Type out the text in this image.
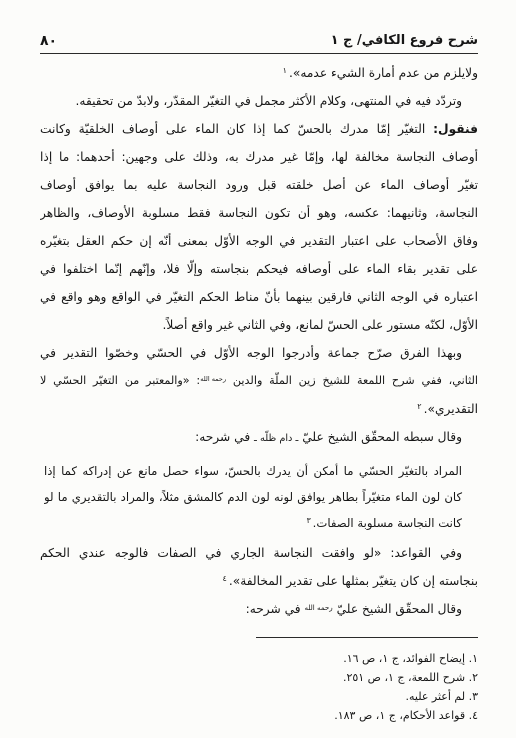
شرح فروع الكافي/ ج ١
٨٠
ولايلزم من عدم أمارة الشيء عدمه».$^١$
وتردّد فيه في المنتهى، وكلام الأكثر مجمل في التغيّر المقدّر، ولابدّ من تحقيقه.
فنقول: التغيّر إمّا مدرك بالحسّ كما إذا كان الماء على أوصاف الخلقيّة وكانت
أوصاف النجاسة مخالفة لها، وإمّا غير مدرك به، وذلك على وجهين: أحدهما: ما إذا
تغيّر أوصاف الماء عن أصل خلقته قبل ورود النجاسة عليه بما يوافق أوصاف
النجاسة، وثانيهما: عكسه، وهو أن تكون النجاسة فقط مسلوبة الأوصاف، والظاهر
وفاق الأصحاب على اعتبار التقدير في الوجه الأوّل بمعنى أنّه إن حكم العقل بتغيّره
على تقدير بقاء الماء على أوصافه فيحكم بنجاسته وإلّا فلا، وإنّهم إنّما اختلفوا في
اعتباره في الوجه الثاني فارقين بينهما بأنّ مناط الحكم التغيّر في الواقع وهو واقع في
الأوّل، لكنّه مستور على الحسّ لمانع، وفي الثاني غير واقع أصلاً.
وبهذا الفرق صرّح جماعة وأدرجوا الوجه الأوّل في الحسّي وخصّوا التقدير في
الثاني، ففي شرح اللمعة للشيخ زين الملّة والدين رحمه الله: «والمعتبر من التغيّر الحسّي لا
التقديري».$^٢$
وقال سبطه المحقّق الشيخ عليّ ـ دام ظلّه ـ في شرحه:
المراد بالتغيّر الحسّي ما أمكن أن يدرك بالحسّ، سواء حصل مانع عن إدراكه كما إذا
كان لون الماء متغيّراً بطاهر يوافق لونه لون الدم كالمشق مثلاً، والمراد بالتقديري ما لو
كانت النجاسة مسلوبة الصفات.$^٣$
وفي القواعد: «لو وافقت النجاسة الجاري في الصفات فالوجه عندي الحكم
بنجاسته إن كان يتغيّر بمثلها على تقدير المخالفة».$^٤$
وقال المحقّق الشيخ عليّ رحمه الله في شرحه:
١. إيضاح الفوائد، ج ١، ص ١٦.
٢. شرح اللمعة، ج ١، ص ٢٥١.
٣. لم أعثر عليه.
٤. قواعد الأحكام، ج ١، ص ١٨٣.
